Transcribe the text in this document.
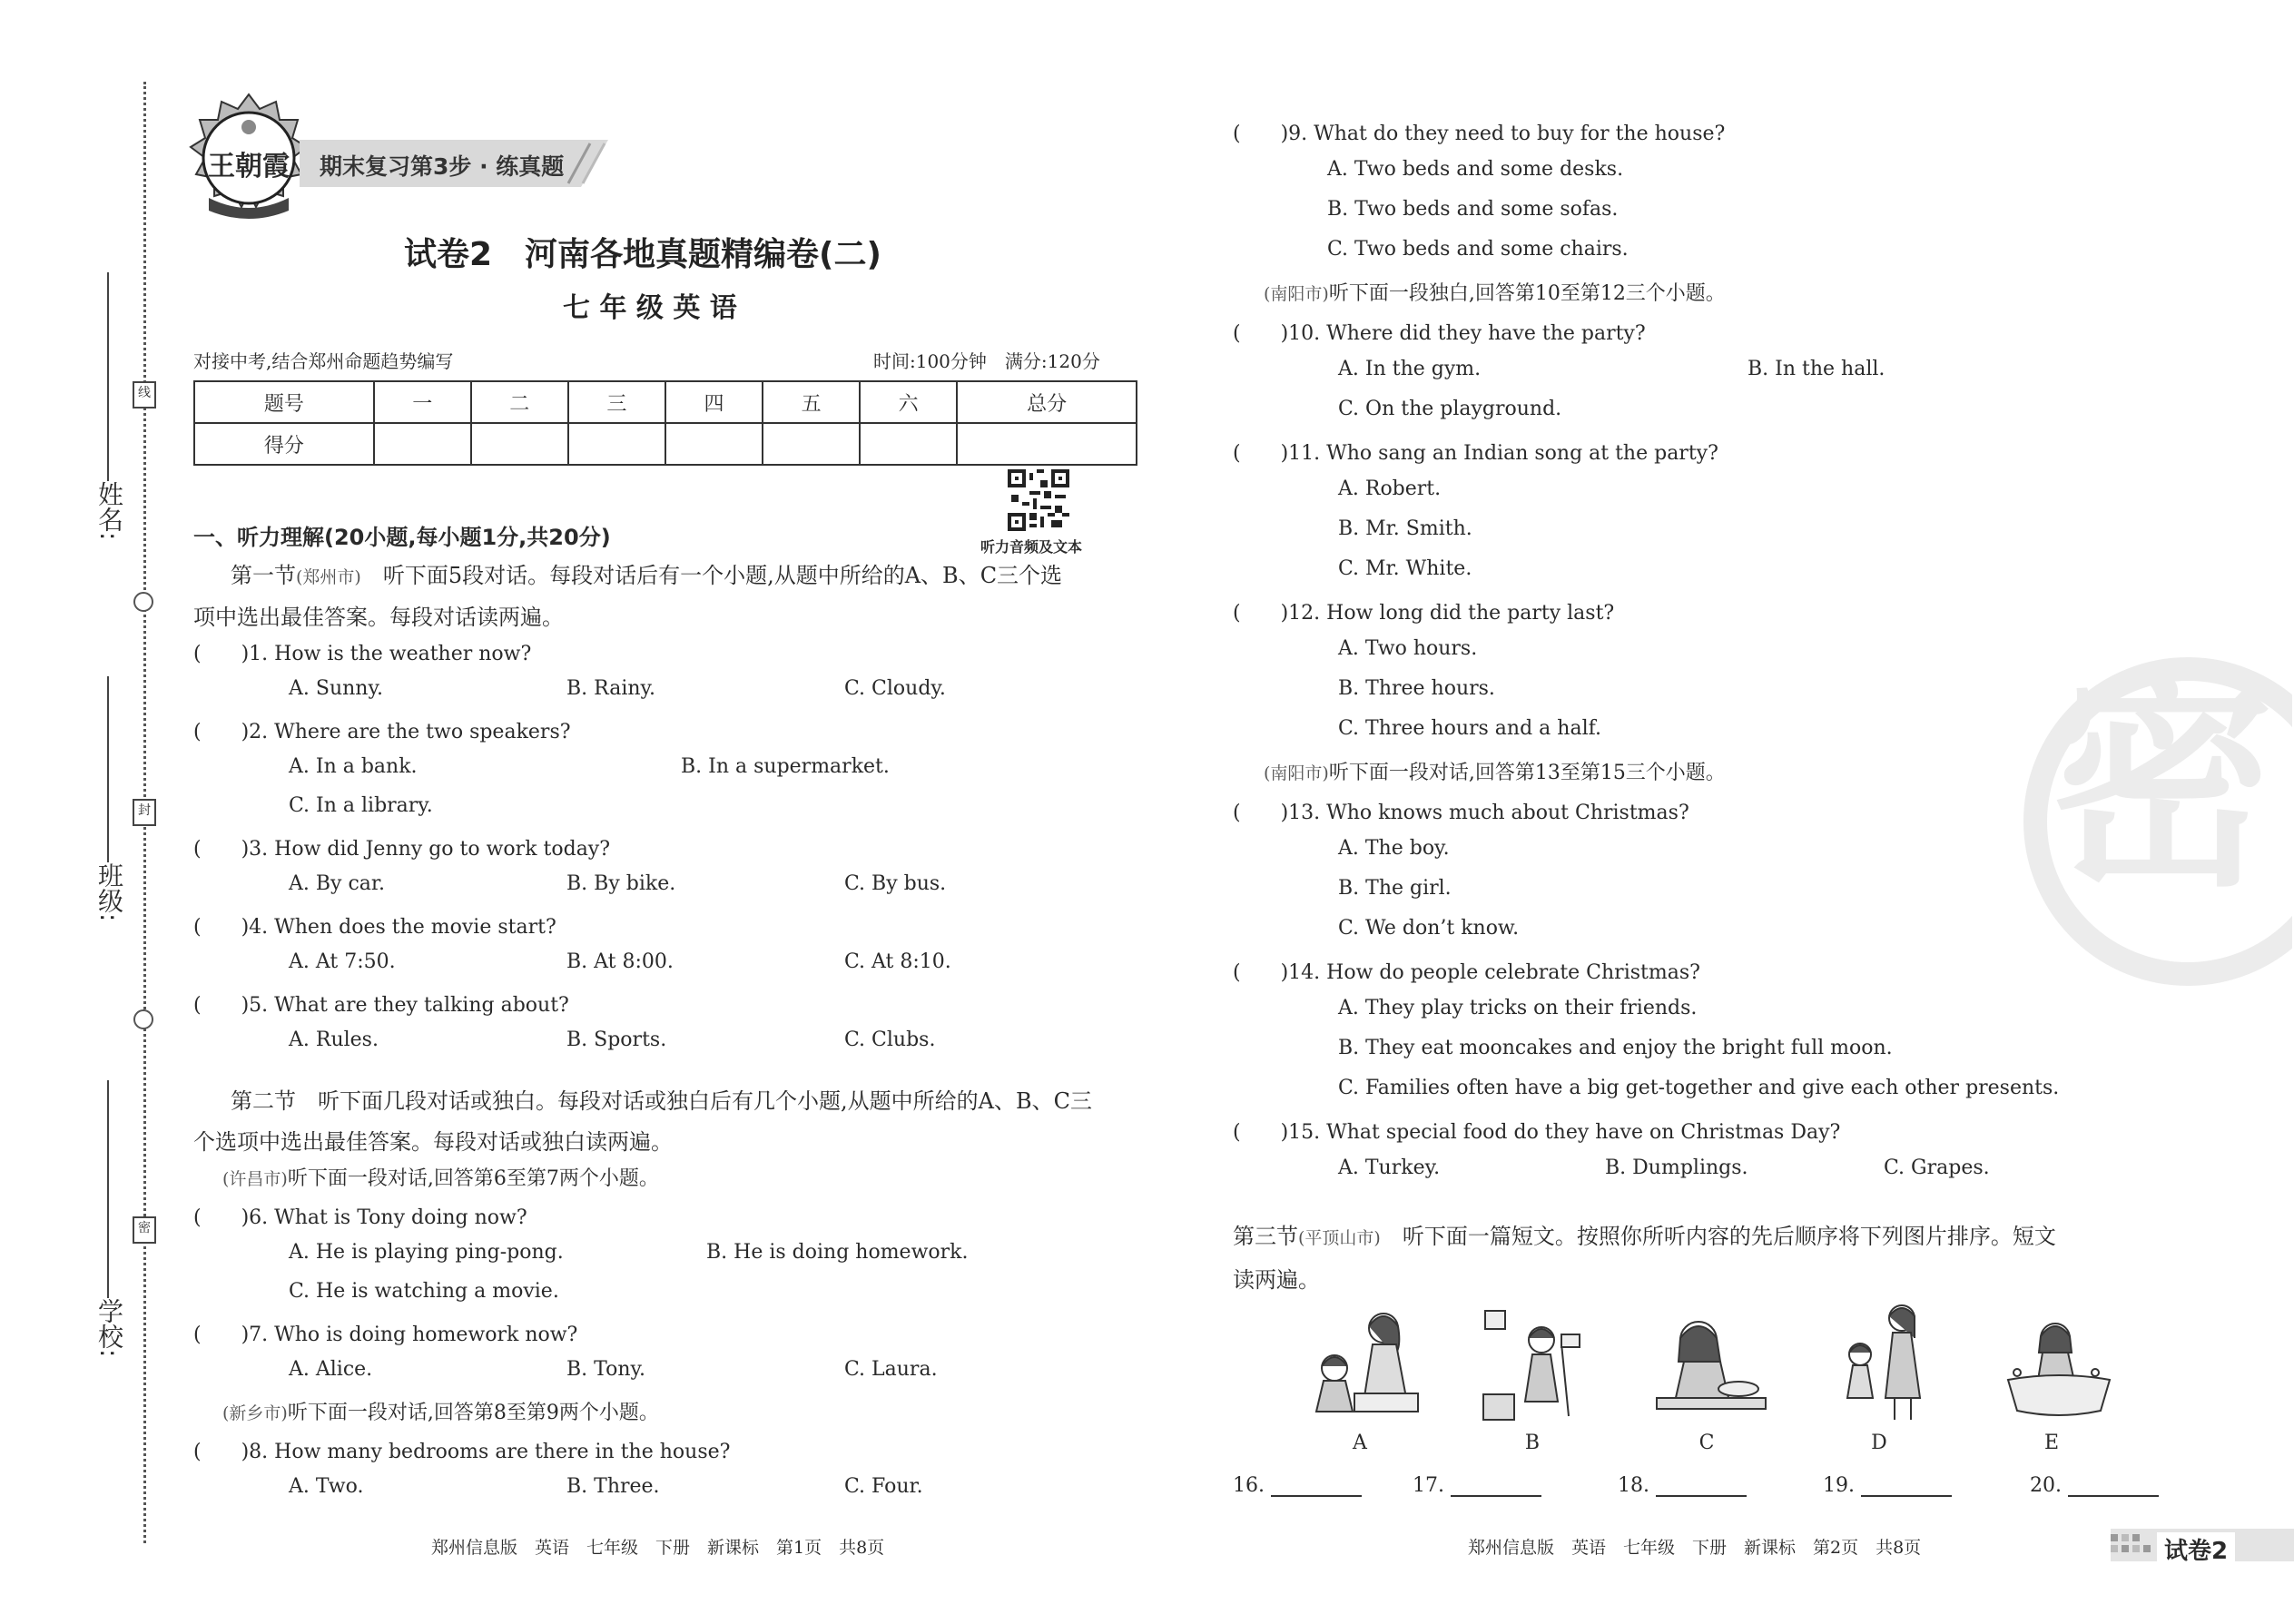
姓名:
班级:
学校:
线
封
密
王朝霞	期末复习第3步 · 练真题
试卷2　河南各地真题精编卷(二)
七 年 级 英 语
对接中考,结合郑州命题趋势编写	时间:100分钟　满分:120分
题号	一	二	三	四	五	六	总分
得分							
听力音频及文本
一、听力理解(20小题,每小题1分,共20分)
第一节(郑州市)　 听下面5段对话。每段对话后有一个小题,从题中所给的A、B、C三个选
项中选出最佳答案。每段对话读两遍。
(　　)1. How is the weather now?
A. Sunny.	B. Rainy.	C. Cloudy.
(　　)2. Where are the two speakers?
A. In a bank.	B. In a supermarket.
C. In a library.
(　　)3. How did Jenny go to work today?
A. By car.	B. By bike.	C. By bus.
(　　)4. When does the movie start?
A. At 7:50.	B. At 8:00.	C. At 8:10.
(　　)5. What are they talking about?
A. Rules.	B. Sports.	C. Clubs.
第二节　听下面几段对话或独白。每段对话或独白后有几个小题,从题中所给的A、B、C三
个选项中选出最佳答案。每段对话或独白读两遍。
(许昌市)听下面一段对话,回答第6至第7两个小题。
(　　)6. What is Tony doing now?
A. He is playing ping-pong.	B. He is doing homework.
C. He is watching a movie.
(　　)7. Who is doing homework now?
A. Alice.	B. Tony.	C. Laura.
(新乡市)听下面一段对话,回答第8至第9两个小题。
(　　)8. How many bedrooms are there in the house?
A. Two.	B. Three.	C. Four.
郑州信息版　英语　七年级　下册　新课标　第1页　共8页
密
(　　)9. What do they need to buy for the house?
A. Two beds and some desks.
B. Two beds and some sofas.
C. Two beds and some chairs.
(南阳市)听下面一段独白,回答第10至第12三个小题。
(　　)10. Where did they have the party?
A. In the gym.	B. In the hall.
C. On the playground.
(　　)11. Who sang an Indian song at the party?
A. Robert.
B. Mr. Smith.
C. Mr. White.
(　　)12. How long did the party last?
A. Two hours.
B. Three hours.
C. Three hours and a half.
(南阳市)听下面一段对话,回答第13至第15三个小题。
(　　)13. Who knows much about Christmas?
A. The boy.
B. The girl.
C. We don’t know.
(　　)14. How do people celebrate Christmas?
A. They play tricks on their friends.
B. They eat mooncakes and enjoy the bright full moon.
C. Families often have a big get-together and give each other presents.
(　　)15. What special food do they have on Christmas Day?
A. Turkey.	B. Dumplings.	C. Grapes.
第三节(平顶山市)　 听下面一篇短文。按照你所听内容的先后顺序将下列图片排序。短文
读两遍。
A	B	C	D	E
16.	17.	18.	19.	20.
郑州信息版　英语　七年级　下册　新课标　第2页　共8页	试卷2
